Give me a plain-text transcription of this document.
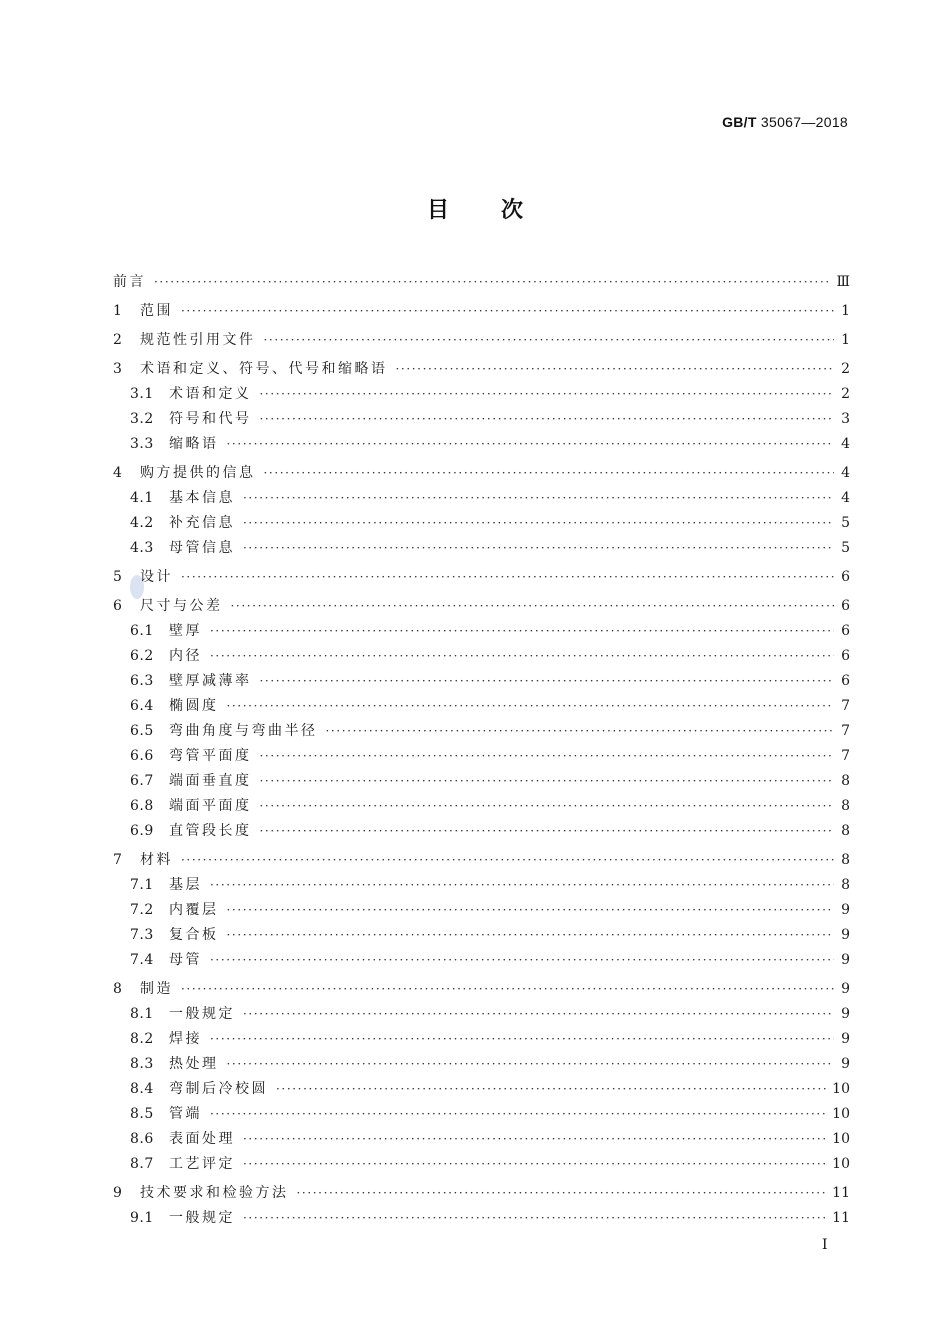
GB/T 35067—2018
目次
前言 ·····	Ⅲ
1	范围 ·····	1
2	规范性引用文件 ·····	1
3	术语和定义、符号、代号和缩略语 ·····	2
3.1	术语和定义 ·····	2
3.2	符号和代号 ·····	3
3.3	缩略语 ·····	4
4	购方提供的信息 ·····	4
4.1	基本信息 ·····	4
4.2	补充信息 ·····	5
4.3	母管信息 ·····	5
5	设计 ·····	6
6	尺寸与公差 ·····	6
6.1	壁厚 ·····	6
6.2	内径 ·····	6
6.3	壁厚减薄率 ·····	6
6.4	椭圆度 ·····	7
6.5	弯曲角度与弯曲半径 ·····	7
6.6	弯管平面度 ·····	7
6.7	端面垂直度 ·····	8
6.8	端面平面度 ·····	8
6.9	直管段长度 ·····	8
7	材料 ·····	8
7.1	基层 ·····	8
7.2	内覆层 ·····	9
7.3	复合板 ·····	9
7.4	母管 ·····	9
8	制造 ·····	9
8.1	一般规定 ·····	9
8.2	焊接 ·····	9
8.3	热处理 ·····	9
8.4	弯制后冷校圆 ·····	10
8.5	管端 ·····	10
8.6	表面处理 ·····	10
8.7	工艺评定 ·····	10
9	技术要求和检验方法 ·····	11
9.1	一般规定 ·····	11
I
